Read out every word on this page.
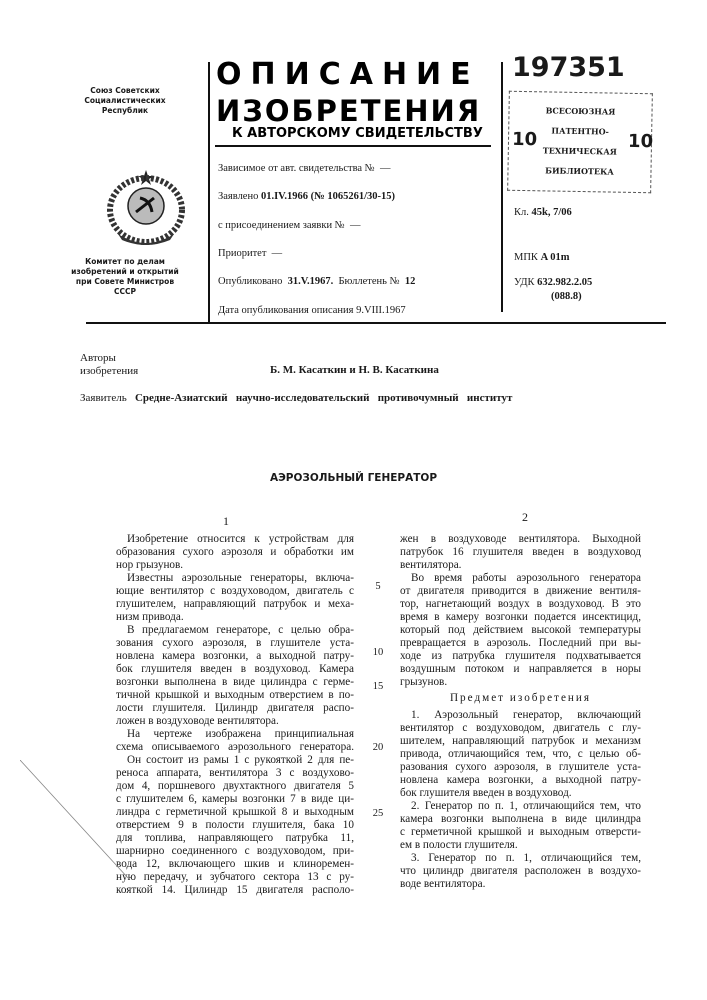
Союз Советских
Социалистических
Республик
Комитет по делам
изобретений и открытий
при Совете Министров
СССР
ОПИСАНИЕ
ИЗОБРЕТЕНИЯ
К АВТОРСКОМУ СВИДЕТЕЛЬСТВУ
Зависимое от авт. свидетельства № —
Заявлено 01.IV.1966 (№ 1065261/30-15)
с присоединением заявки № —
Приоритет —
Опубликовано 31.V.1967. Бюллетень № 12
Дата опубликования описания 9.VIII.1967
197351
10	10
ВСЕСОЮЗНАЯ
ПАТЕНТНО-
ТЕХНИЧЕСКАЯ
БИБЛИОТЕКА
Кл. 45k, 7/06
МПК A 01m
УДК 632.982.2.05
(088.8)
Авторы
изобретения	Б. М. Касаткин и Н. В. Касаткина
Заявитель Средне-Азиатский   научно-исследовательский   противочумный   институт
АЭРОЗОЛЬНЫЙ ГЕНЕРАТОР
1	2
Изобретение относится к устройствам для
образования сухого аэрозоля и обработки им
нор грызунов.
Известны аэрозольные генераторы, включа-
ющие вентилятор с воздуховодом, двигатель с
глушителем, направляющий патрубок и меха-
низм привода.
В предлагаемом генераторе, с целью обра-
зования сухого аэрозоля, в глушителе уста-
новлена камера возгонки, а выходной патру-
бок глушителя введен в воздуховод. Камера
возгонки выполнена в виде цилиндра с герме-
тичной крышкой и выходным отверстием в по-
лости глушителя. Цилиндр двигателя распо-
ложен в воздуховоде вентилятора.
На чертеже изображена принципиальная
схема описываемого аэрозольного генератора.
Он состоит из рамы 1 с рукояткой 2 для пе-
реноса аппарата, вентилятора 3 с воздухово-
дом 4, поршневого двухтактного двигателя 5
с глушителем 6, камеры возгонки 7 в виде ци-
линдра с герметичной крышкой 8 и выходным
отверстием 9 в полости глушителя, бака 10
для топлива, направляющего патрубка 11,
шарнирно соединенного с воздуховодом, при-
вода 12, включающего шкив и клиноремен-
ную передачу, и зубчатого сектора 13 с ру-
кояткой 14. Цилиндр 15 двигателя располо-
жен в воздуховоде вентилятора. Выходной
патрубок 16 глушителя введен в воздуховод
вентилятора.
Во время работы аэрозольного генератора
от двигателя приводится в движение вентиля-
тор, нагнетающий воздух в воздуховод. В это
время в камеру возгонки подается инсектицид,
который под действием высокой температуры
превращается в аэрозоль. Последний при вы-
ходе из патрубка глушителя подхватывается
воздушным потоком и направляется в норы
грызунов.
Предмет изобретения
1. Аэрозольный генератор, включающий
вентилятор с воздуховодом, двигатель с глу-
шителем, направляющий патрубок и механизм
привода, отличающийся тем, что, с целью об-
разования сухого аэрозоля, в глушителе уста-
новлена камера возгонки, а выходной патру-
бок глушителя введен в воздуховод.
2. Генератор по п. 1, отличающийся тем, что
камера возгонки выполнена в виде цилиндра
с герметичной крышкой и выходным отверсти-
ем в полости глушителя.
3. Генератор по п. 1, отличающийся тем,
что цилиндр двигателя расположен в воздухо-
воде вентилятора.
5
10
15
20
25
